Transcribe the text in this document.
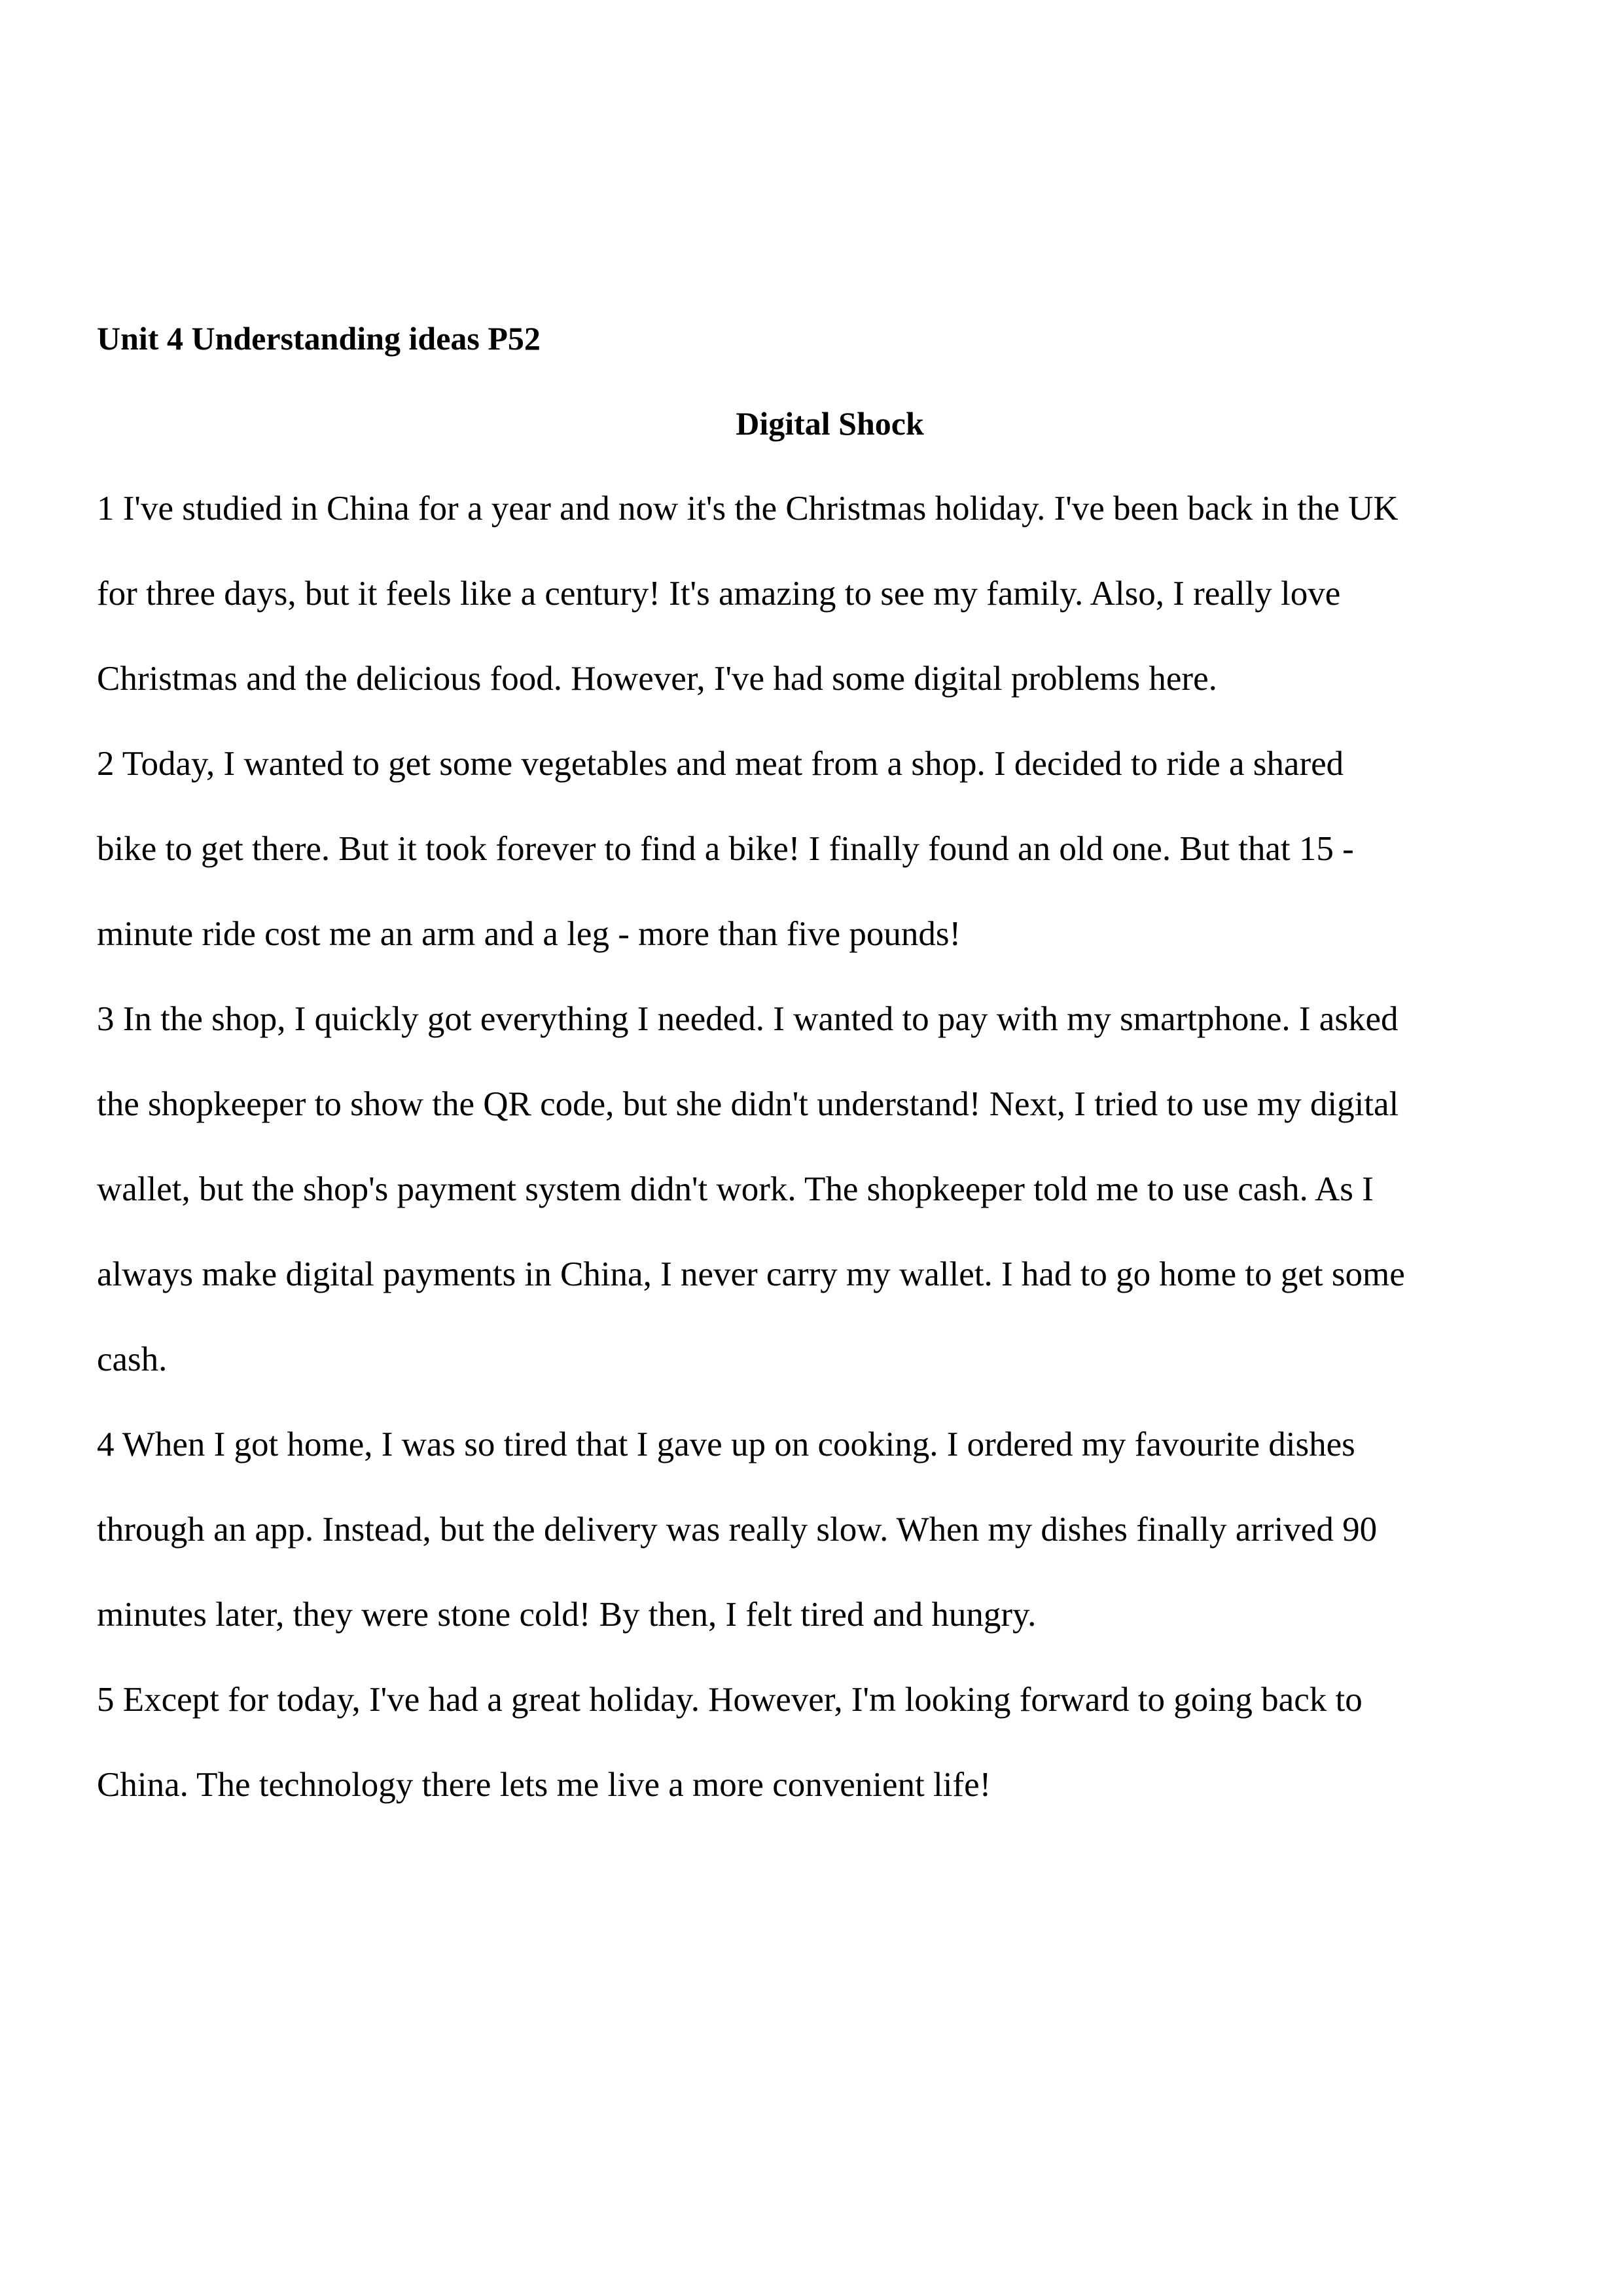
Unit 4 Understanding ideas P52

Digital Shock

1 I've studied in China for a year and now it's the Christmas holiday. I've been back in the UK
for three days, but it feels like a century! It's amazing to see my family. Also, I really love
Christmas and the delicious food. However, I've had some digital problems here.

2 Today, I wanted to get some vegetables and meat from a shop. I decided to ride a shared
bike to get there. But it took forever to find a bike! I finally found an old one. But that 15 -
minute ride cost me an arm and a leg - more than five pounds!

3 In the shop, I quickly got everything I needed. I wanted to pay with my smartphone. I asked
the shopkeeper to show the QR code, but she didn't understand! Next, I tried to use my digital
wallet, but the shop's payment system didn't work. The shopkeeper told me to use cash. As I
always make digital payments in China, I never carry my wallet. I had to go home to get some
cash.

4 When I got home, I was so tired that I gave up on cooking. I ordered my favourite dishes
through an app. Instead, but the delivery was really slow. When my dishes finally arrived 90
minutes later, they were stone cold! By then, I felt tired and hungry.

5 Except for today, I've had a great holiday. However, I'm looking forward to going back to
China. The technology there lets me live a more convenient life!
